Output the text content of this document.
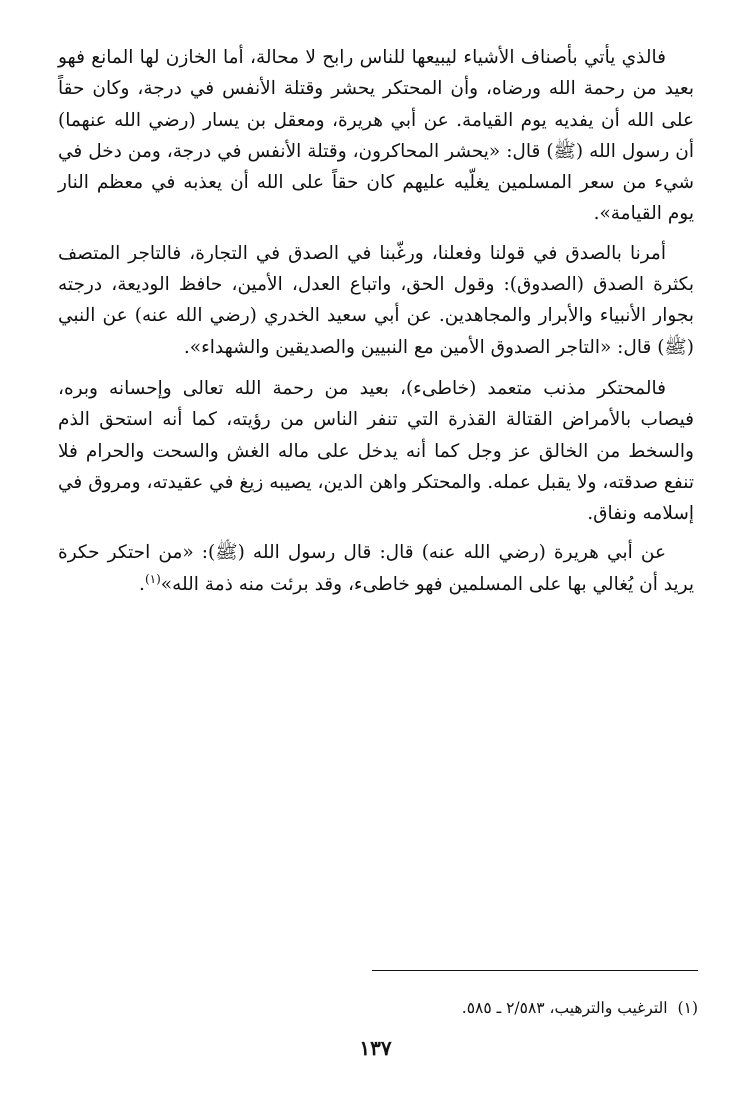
فالذي يأتي بأصناف الأشياء ليبيعها للناس رابح لا محالة، أما الخازن لها المانع فهو بعيد من رحمة الله ورضاه، وأن المحتكر يحشر وقتلة الأنفس في درجة، وكان حقاً على الله أن يفديه يوم القيامة. عن أبي هريرة، ومعقل بن يسار (رضي الله عنهما) أن رسول الله (ﷺ) قال: «يحشر المحاكرون، وقتلة الأنفس في درجة، ومن دخل في شيء من سعر المسلمين يغلّيه عليهم كان حقاً على الله أن يعذبه في معظم النار يوم القيامة».

أمرنا بالصدق في قولنا وفعلنا، ورغّبنا في الصدق في التجارة، فالتاجر المتصف بكثرة الصدق (الصدوق): وقول الحق، واتباع العدل، الأمين، حافظ الوديعة، درجته بجوار الأنبياء والأبرار والمجاهدين. عن أبي سعيد الخدري (رضي الله عنه) عن النبي (ﷺ) قال: «التاجر الصدوق الأمين مع النبيين والصديقين والشهداء».

فالمحتكر مذنب متعمد (خاطىء)، بعيد من رحمة الله تعالى وإحسانه وبره، فيصاب بالأمراض القتالة القذرة التي تنفر الناس من رؤيته، كما أنه استحق الذم والسخط من الخالق عز وجل كما أنه يدخل على ماله الغش والسحت والحرام فلا تنفع صدقته، ولا يقبل عمله. والمحتكر واهن الدين، يصيبه زيغ في عقيدته، ومروق في إسلامه ونفاق.

عن أبي هريرة (رضي الله عنه) قال: قال رسول الله (ﷺ): «من احتكر حكرة يريد أن يُغالي بها على المسلمين فهو خاطىء، وقد برئت منه ذمة الله»$^{(١)}$.

(١)الترغيب والترهيب، ٢/٥٨٣ ـ ٥٨٥.
١٣٧
